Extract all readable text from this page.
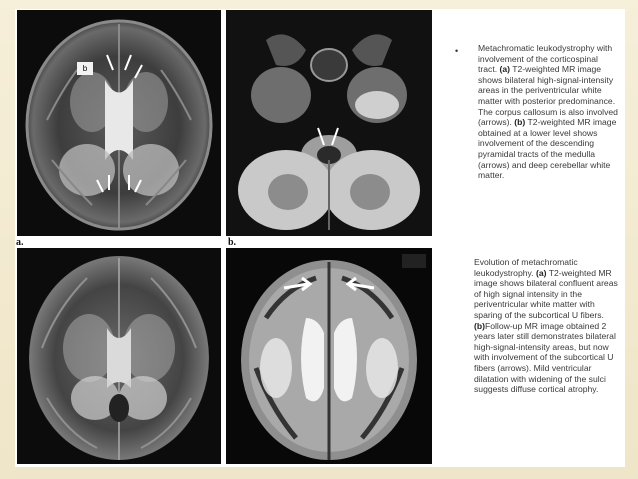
b
a.	b.
• Metachromatic leukodystrophy with involvement of the corticospinal tract. (a) T2-weighted MR image shows bilateral high-signal-intensity areas in the periventricular white matter with posterior predominance. The corpus callosum is also involved (arrows). (b) T2-weighted MR image obtained at a lower level shows involvement of the descending pyramidal tracts of the medulla (arrows) and deep cerebellar white matter.
Evolution of metachromatic leukodystrophy. (a) T2-weighted MR image shows bilateral confluent areas of high signal intensity in the periventricular white matter with sparing of the subcortical U fibers. (b)Follow-up MR image obtained 2 years later still demonstrates bilateral high-signal-intensity areas, but now with involvement of the subcortical U fibers (arrows). Mild ventricular dilatation with widening of the sulci suggests diffuse cortical atrophy.
